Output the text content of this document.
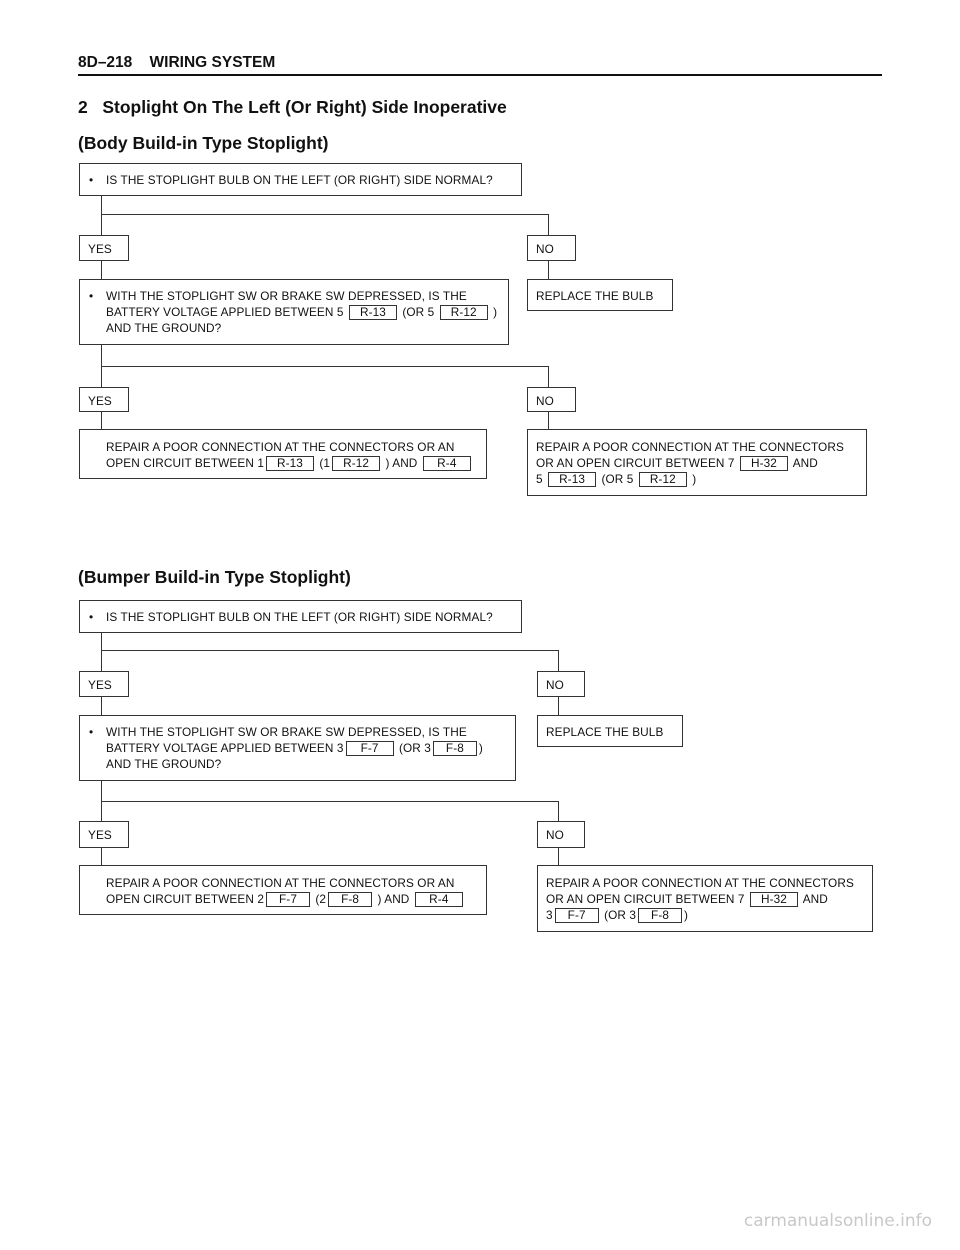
8D–218 WIRING SYSTEM
2   Stoplight On The Left (Or Right) Side Inoperative
(Body Build-in Type Stoplight)
• IS THE STOPLIGHT BULB ON THE LEFT (OR RIGHT) SIDE NORMAL?
YES	NO
• WITH THE STOPLIGHT SW OR BRAKE SW DEPRESSED, IS THE
BATTERY VOLTAGE APPLIED BETWEEN 5 R-13 (OR 5 R-12 )
AND THE GROUND?
REPLACE THE BULB
YES	NO
REPAIR A POOR CONNECTION AT THE CONNECTORS OR AN
OPEN CIRCUIT BETWEEN 1 R-13 (1 R-12 ) AND R-4
REPAIR A POOR CONNECTION AT THE CONNECTORS
OR AN OPEN CIRCUIT BETWEEN 7 H-32 AND
5 R-13 (OR 5 R-12 )
(Bumper Build-in Type Stoplight)
• IS THE STOPLIGHT BULB ON THE LEFT (OR RIGHT) SIDE NORMAL?
YES	NO
• WITH THE STOPLIGHT SW OR BRAKE SW DEPRESSED, IS THE
BATTERY VOLTAGE APPLIED BETWEEN 3 F-7 (OR 3 F-8 )
AND THE GROUND?
REPLACE THE BULB
YES	NO
REPAIR A POOR CONNECTION AT THE CONNECTORS OR AN
OPEN CIRCUIT BETWEEN 2 F-7 (2 F-8 ) AND R-4
REPAIR A POOR CONNECTION AT THE CONNECTORS
OR AN OPEN CIRCUIT BETWEEN 7 H-32 AND
3 F-7 (OR 3 F-8 )
carmanualsonline.info
